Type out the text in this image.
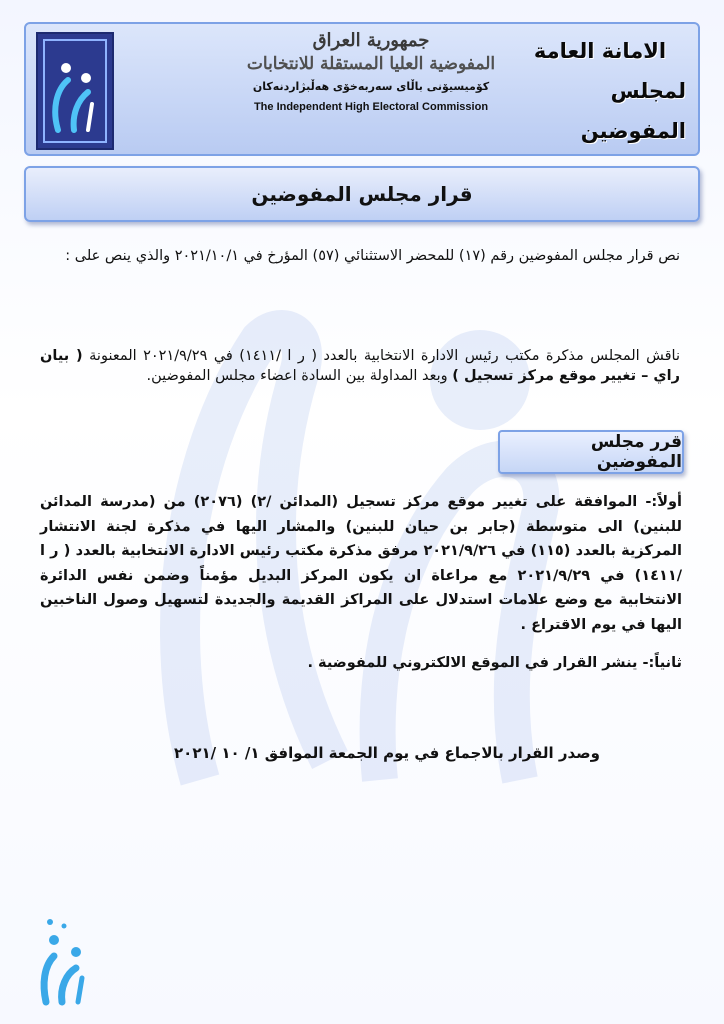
جمهورية العراق
المفوضية العليا المستقلة للانتخابات
كۆمیسیۆنی باڵای سەربەخۆی هەڵبژاردنەكان
The Independent High Electoral Commission
الامانة العامة
لمجلس المفوضين
قرار مجلس المفوضين
نص قرار مجلس المفوضين رقم (١٧) للمحضر الاستثنائي (٥٧) المؤرخ في ٢٠٢١/١٠/١ والذي ينص على :
ناقش المجلس مذكرة مكتب رئيس الادارة الانتخابية بالعدد ( ر ا /١٤١١) في ٢٠٢١/٩/٢٩ المعنونة ( بيان راي – تغيير موقع مركز تسجيل ) وبعد المداولة بين السادة اعضاء مجلس المفوضين.
قرر مجلس المفوضين
أولاً:- الموافقة على تغيير موقع مركز تسجيل (المدائن /٢) (٢٠٧٦) من (مدرسة المدائن للبنين) الى متوسطة (جابر بن حيان للبنين) والمشار اليها في مذكرة لجنة الانتشار المركزية بالعدد (١١٥) في ٢٠٢١/٩/٢٦ مرفق مذكرة مكتب رئيس الادارة الانتخابية بالعدد ( ر ا /١٤١١) في ٢٠٢١/٩/٢٩ مع مراعاة ان يكون المركز البديل مؤمناً وضمن نفس الدائرة الانتخابية مع وضع علامات استدلال على المراكز القديمة والجديدة لتسهيل وصول الناخبين اليها في يوم الاقتراع .
ثانياً:- ينشر القرار في الموقع الالكتروني للمفوضية .
وصدر القرار بالاجماع في يوم الجمعة الموافق ١/ ١٠ /٢٠٢١
